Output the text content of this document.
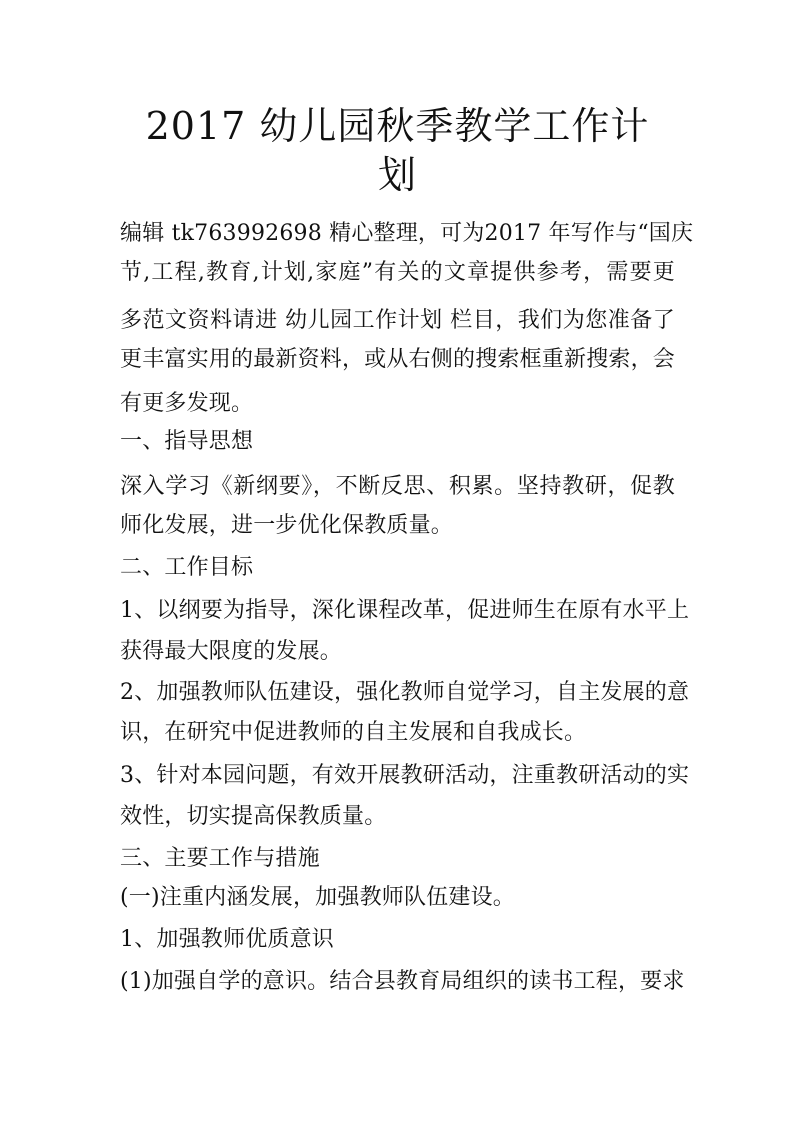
2017 幼儿园秋季教学工作计
划
编辑 tk763992698 精心整理，可为2017 年写作与“国庆
节,工程,教育,计划,家庭”有关的文章提供参考，需要更
多范文资料请进 幼儿园工作计划 栏目，我们为您准备了
更丰富实用的最新资料，或从右侧的搜索框重新搜索，会
有更多发现。
一、指导思想
深入学习《新纲要》，不断反思、积累。坚持教研，促教
师化发展，进一步优化保教质量。
二、工作目标
1、以纲要为指导，深化课程改革，促进师生在原有水平上
获得最大限度的发展。
2、加强教师队伍建设，强化教师自觉学习，自主发展的意
识，在研究中促进教师的自主发展和自我成长。
3、针对本园问题，有效开展教研活动，注重教研活动的实
效性，切实提高保教质量。
三、主要工作与措施
(一)注重内涵发展，加强教师队伍建设。
1、加强教师优质意识
(1)加强自学的意识。结合县教育局组织的读书工程，要求
